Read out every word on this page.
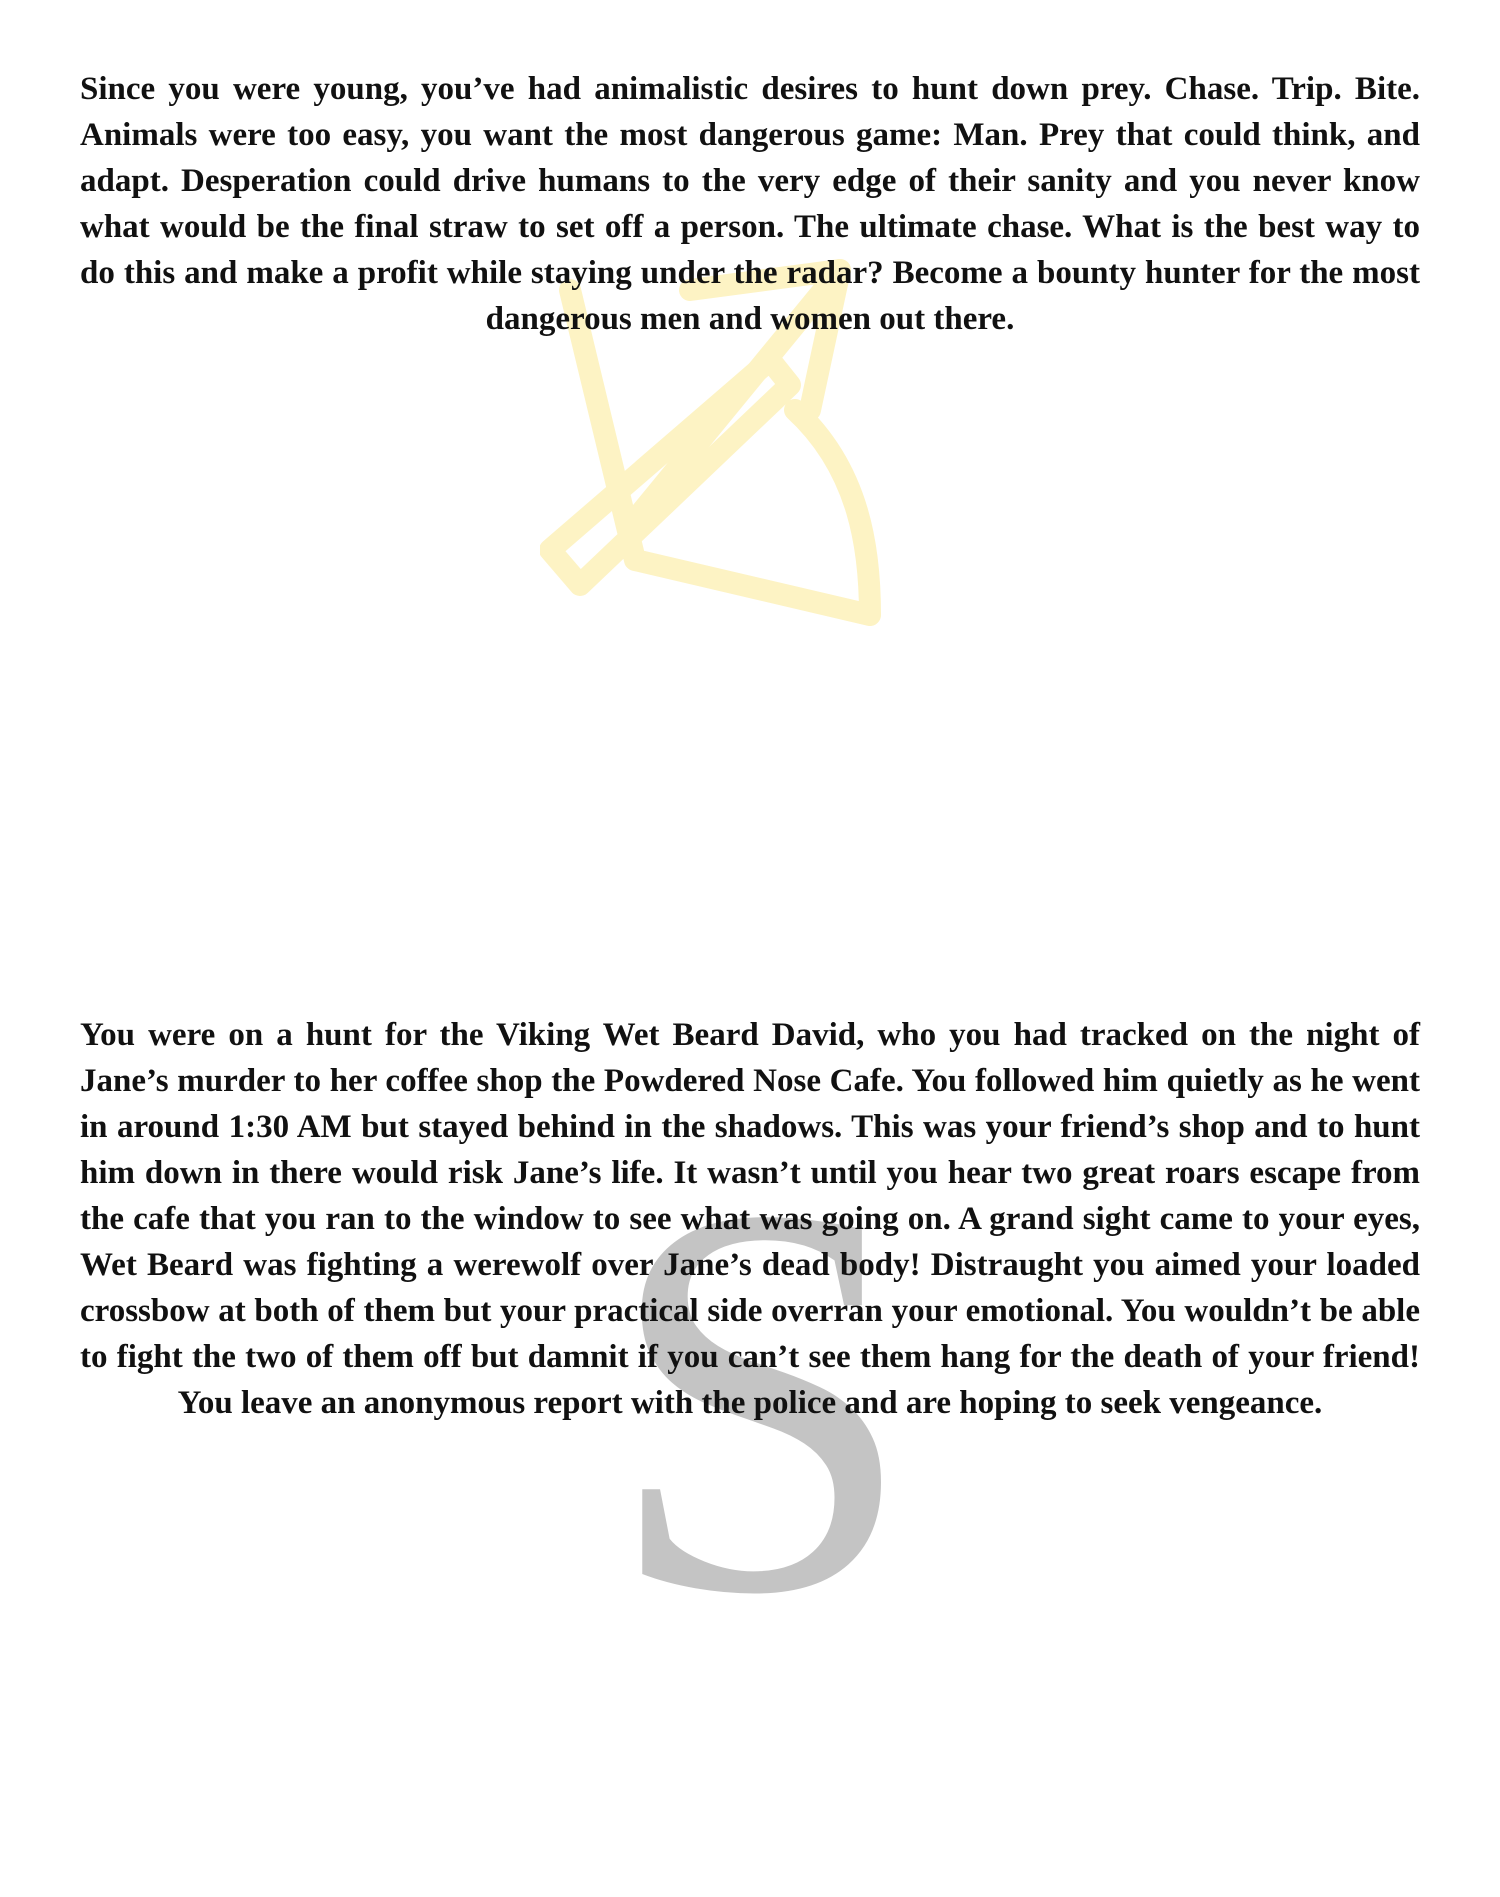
S

Since you were young, you’ve had animalistic desires to hunt down prey. Chase. Trip. Bite. Animals were too easy, you want the most dangerous game: Man. Prey that could think, and adapt. Desperation could drive humans to the very edge of their sanity and you never know what would be the final straw to set off a person. The ultimate chase. What is the best way to do this and make a profit while staying under the radar? Become a bounty hunter for the most dangerous men and women out there.

You were on a hunt for the Viking Wet Beard David, who you had tracked on the night of Jane’s murder to her coffee shop the Powdered Nose Cafe. You followed him quietly as he went in around 1:30 AM but stayed behind in the shadows. This was your friend’s shop and to hunt him down in there would risk Jane’s life. It wasn’t until you hear two great roars escape from the cafe that you ran to the window to see what was going on. A grand sight came to your eyes, Wet Beard was fighting a werewolf over Jane’s dead body! Distraught you aimed your loaded crossbow at both of them but your practical side overran your emotional. You wouldn’t be able to fight the two of them off but damnit if you can’t see them hang for the death of your friend! You leave an anonymous report with the police and are hoping to seek vengeance.
